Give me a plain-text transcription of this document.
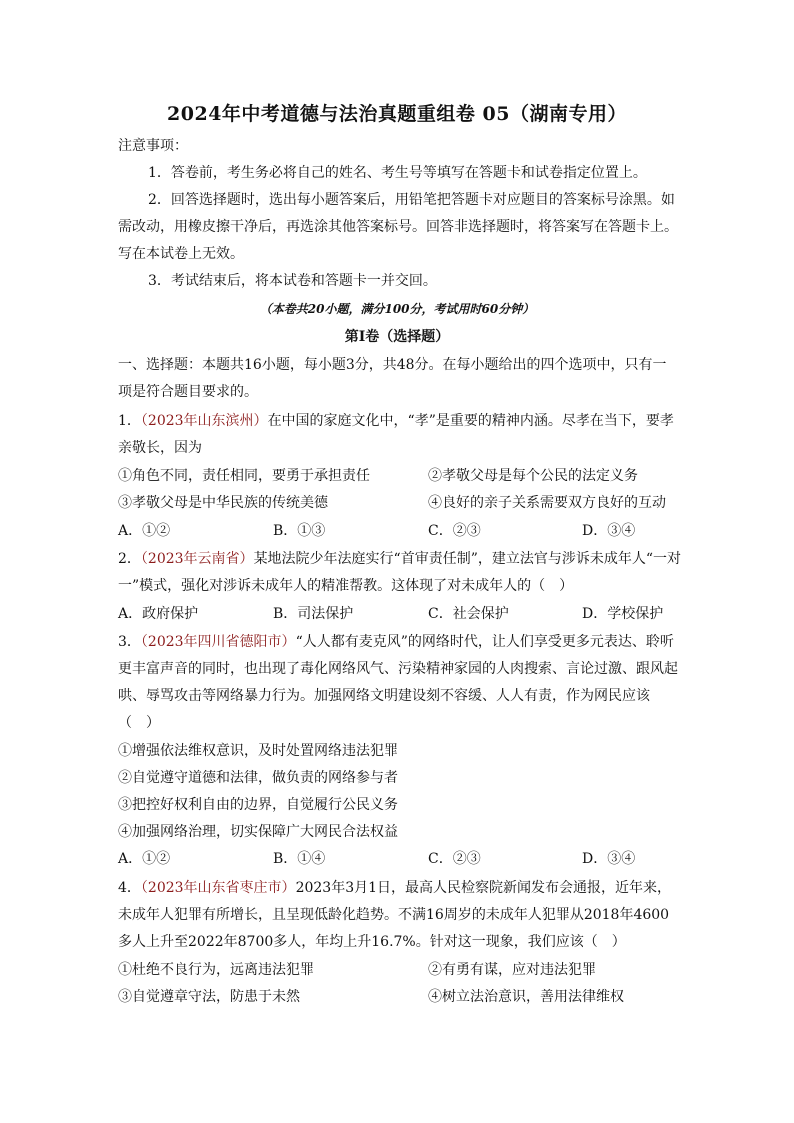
2024年中考道德与法治真题重组卷 05（湖南专用）
注意事项：
1．答卷前，考生务必将自己的姓名、考生号等填写在答题卡和试卷指定位置上。
2．回答选择题时，选出每小题答案后，用铅笔把答题卡对应题目的答案标号涂黑。如
需改动，用橡皮擦干净后，再选涂其他答案标号。回答非选择题时，将答案写在答题卡上。
写在本试卷上无效。
3．考试结束后，将本试卷和答题卡一并交回。
（本卷共20小题，满分100分，考试用时60分钟）
第Ⅰ卷（选择题）
一、选择题：本题共16小题，每小题3分，共48分。在每小题给出的四个选项中，只有一
项是符合题目要求的。
1．（2023年山东滨州）在中国的家庭文化中，“孝”是重要的精神内涵。尽孝在当下，要孝
亲敬长，因为
①角色不同，责任相同，要勇于承担责任	②孝敬父母是每个公民的法定义务
③孝敬父母是中华民族的传统美德	④良好的亲子关系需要双方良好的互动
A．①②	B．①③	C．②③	D．③④
2．（2023年云南省）某地法院少年法庭实行“首审责任制”，建立法官与涉诉未成年人“一对
一”模式，强化对涉诉未成年人的精准帮教。这体现了对未成年人的（　）
A．政府保护	B．司法保护	C．社会保护	D．学校保护
3．（2023年四川省德阳市）“人人都有麦克风”的网络时代，让人们享受更多元表达、聆听
更丰富声音的同时，也出现了毒化网络风气、污染精神家园的人肉搜索、言论过激、跟风起
哄、辱骂攻击等网络暴力行为。加强网络文明建设刻不容缓、人人有责，作为网民应该
（　）
①增强依法维权意识，及时处置网络违法犯罪
②自觉遵守道德和法律，做负责的网络参与者
③把控好权利自由的边界，自觉履行公民义务
④加强网络治理，切实保障广大网民合法权益
A．①②	B．①④	C．②③	D．③④
4．（2023年山东省枣庄市）2023年3月1日，最高人民检察院新闻发布会通报，近年来，
未成年人犯罪有所增长，且呈现低龄化趋势。不满16周岁的未成年人犯罪从2018年4600
多人上升至2022年8700多人，年均上升16.7%。针对这一现象，我们应该（　）
①杜绝不良行为，远离违法犯罪	②有勇有谋，应对违法犯罪
③自觉遵章守法，防患于未然	④树立法治意识，善用法律维权
